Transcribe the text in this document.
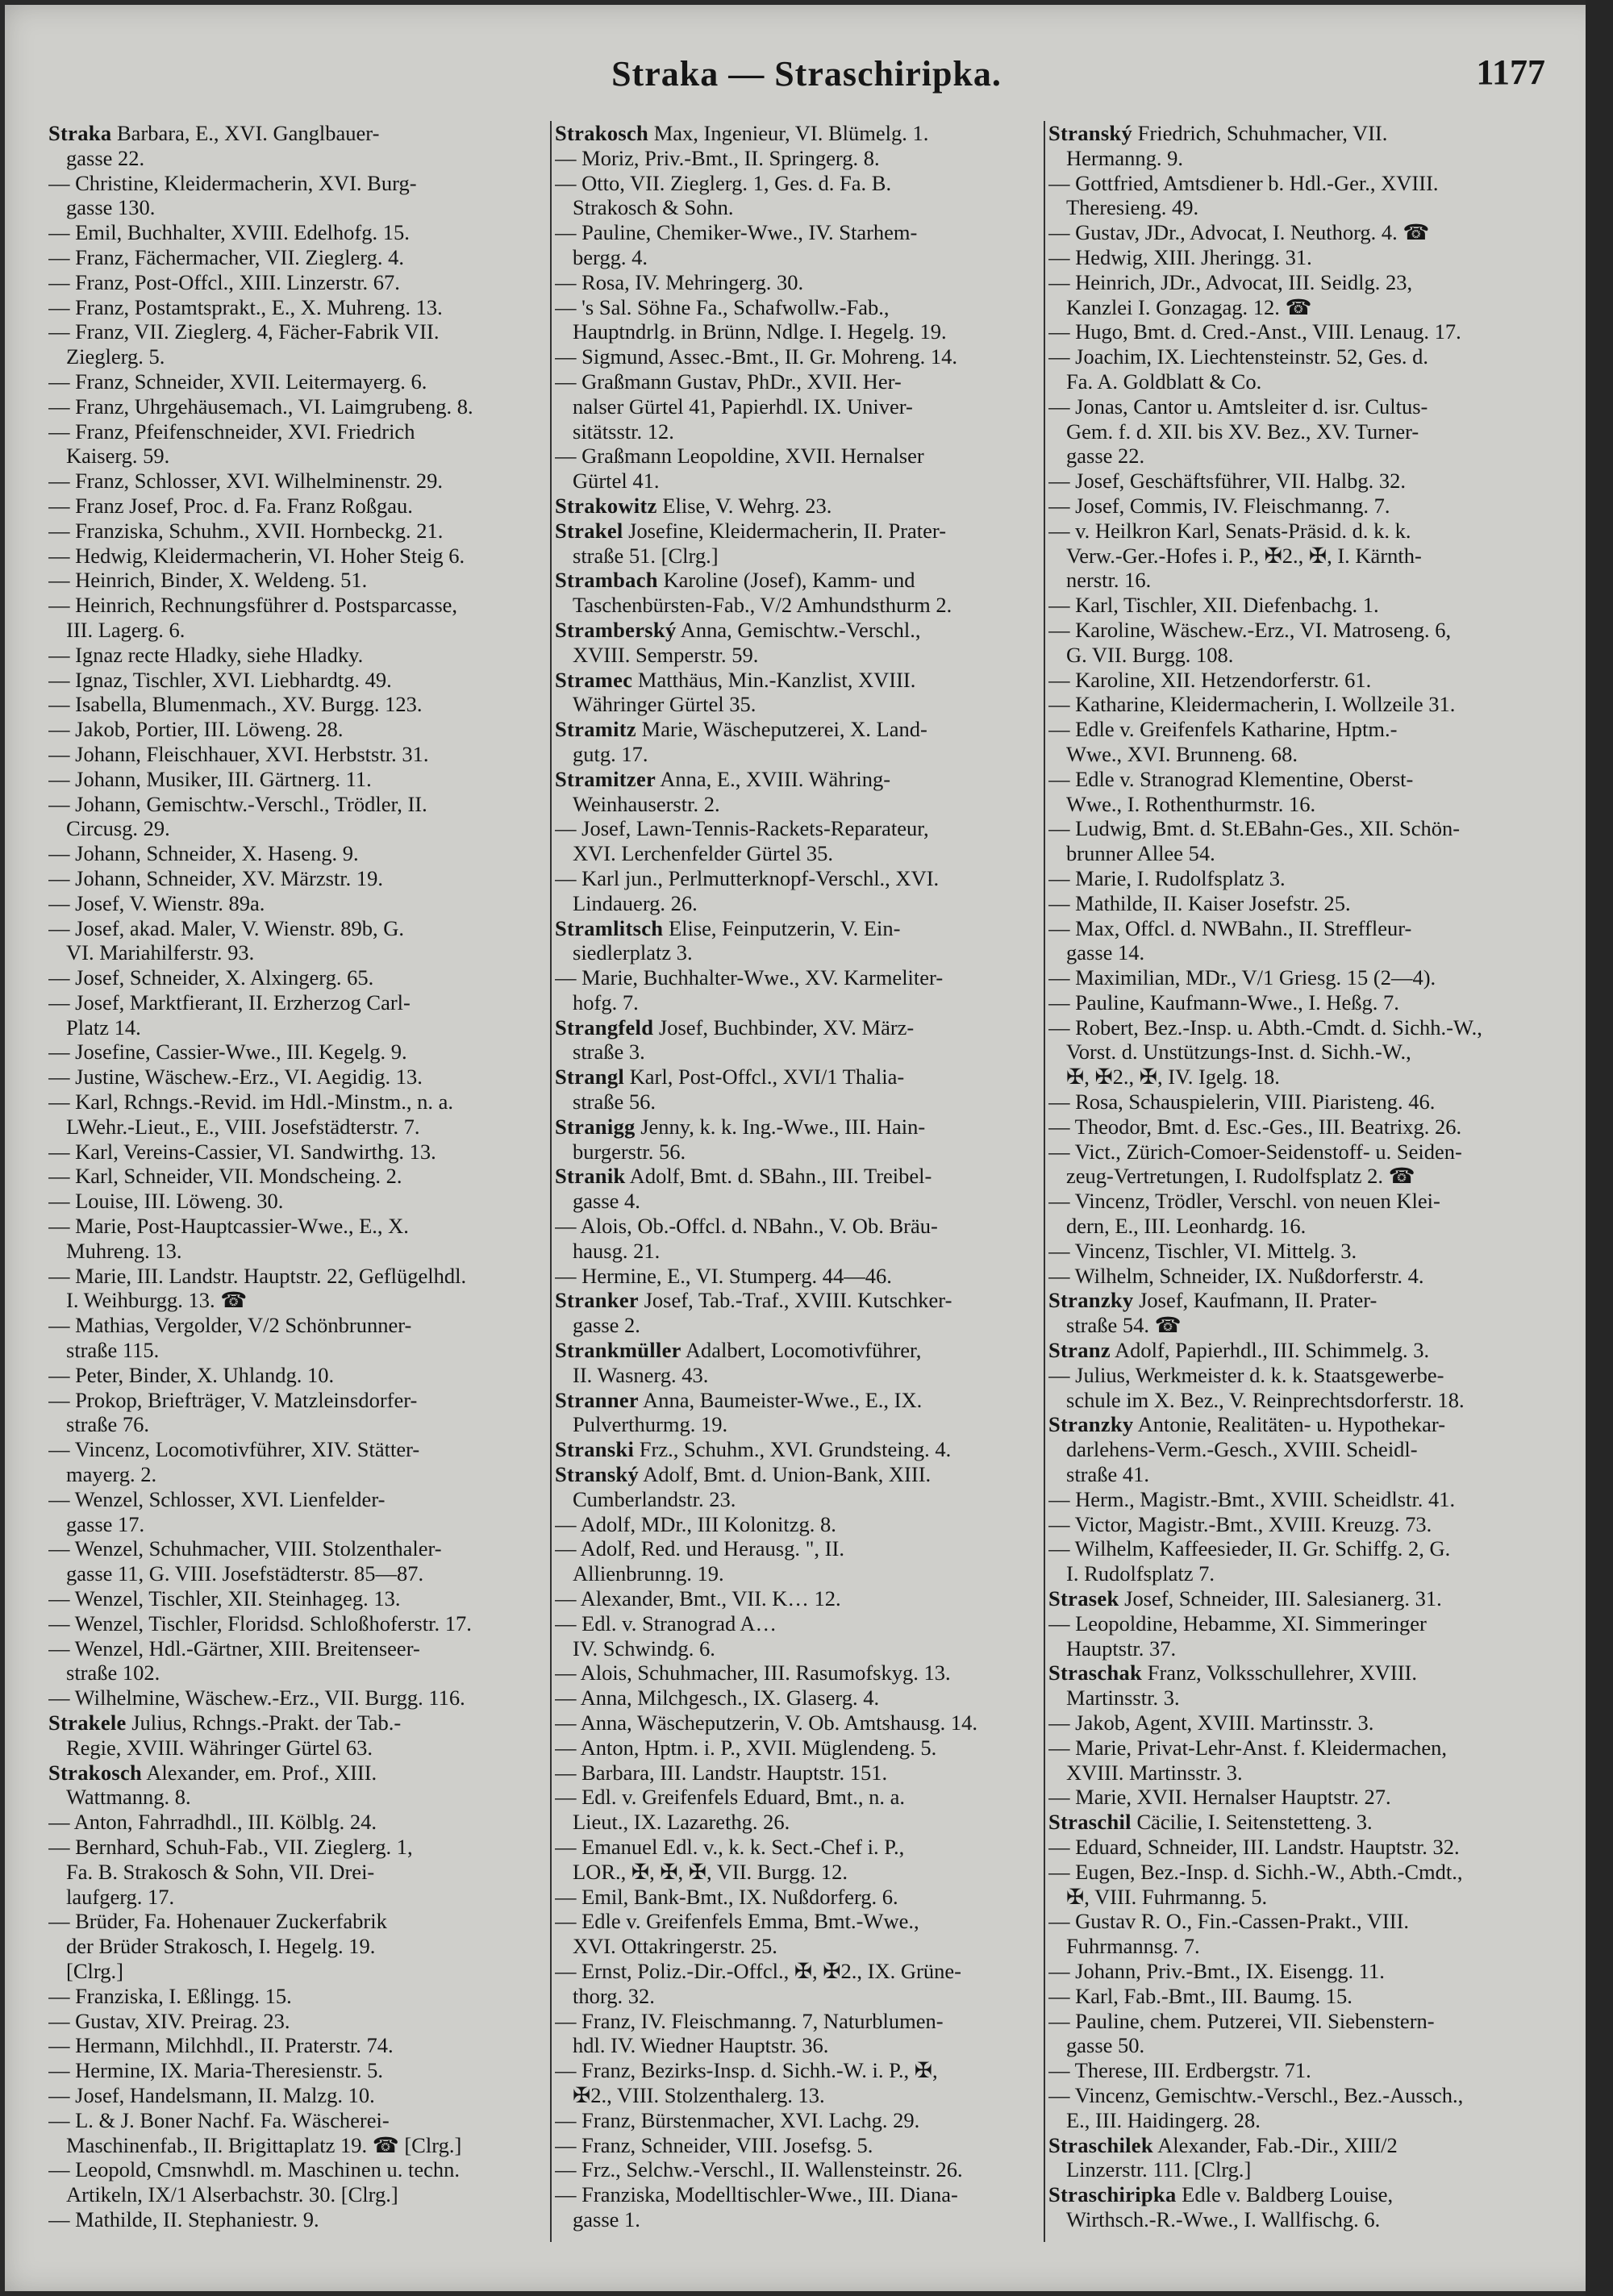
Straka — Straschiripka.	1177
Straka Barbara, E., XVI. Ganglbauer-
gasse 22.
— Christine, Kleidermacherin, XVI. Burg-
gasse 130.
— Emil, Buchhalter, XVIII. Edelhofg. 15.
— Franz, Fächermacher, VII. Zieglerg. 4.
— Franz, Post-Offcl., XIII. Linzerstr. 67.
— Franz, Postamtsprakt., E., X. Muhreng. 13.
— Franz, VII. Zieglerg. 4, Fächer-Fabrik VII.
Zieglerg. 5.
— Franz, Schneider, XVII. Leitermayerg. 6.
— Franz, Uhrgehäusemach., VI. Laimgrubeng. 8.
— Franz, Pfeifenschneider, XVI. Friedrich
Kaiserg. 59.
— Franz, Schlosser, XVI. Wilhelminenstr. 29.
— Franz Josef, Proc. d. Fa. Franz Roßgau.
— Franziska, Schuhm., XVII. Hornbeckg. 21.
— Hedwig, Kleidermacherin, VI. Hoher Steig 6.
— Heinrich, Binder, X. Weldeng. 51.
— Heinrich, Rechnungsführer d. Postsparcasse,
III. Lagerg. 6.
— Ignaz recte Hladky, siehe Hladky.
— Ignaz, Tischler, XVI. Liebhardtg. 49.
— Isabella, Blumenmach., XV. Burgg. 123.
— Jakob, Portier, III. Löweng. 28.
— Johann, Fleischhauer, XVI. Herbststr. 31.
— Johann, Musiker, III. Gärtnerg. 11.
— Johann, Gemischtw.-Verschl., Trödler, II.
Circusg. 29.
— Johann, Schneider, X. Haseng. 9.
— Johann, Schneider, XV. Märzstr. 19.
— Josef, V. Wienstr. 89a.
— Josef, akad. Maler, V. Wienstr. 89b, G.
VI. Mariahilferstr. 93.
— Josef, Schneider, X. Alxingerg. 65.
— Josef, Marktfierant, II. Erzherzog Carl-
Platz 14.
— Josefine, Cassier-Wwe., III. Kegelg. 9.
— Justine, Wäschew.-Erz., VI. Aegidig. 13.
— Karl, Rchngs.-Revid. im Hdl.-Minstm., n. a.
LWehr.-Lieut., E., VIII. Josefstädterstr. 7.
— Karl, Vereins-Cassier, VI. Sandwirthg. 13.
— Karl, Schneider, VII. Mondscheing. 2.
— Louise, III. Löweng. 30.
— Marie, Post-Hauptcassier-Wwe., E., X.
Muhreng. 13.
— Marie, III. Landstr. Hauptstr. 22, Geflügelhdl.
I. Weihburgg. 13. ☎
— Mathias, Vergolder, V/2 Schönbrunner-
straße 115.
— Peter, Binder, X. Uhlandg. 10.
— Prokop, Briefträger, V. Matzleinsdorfer-
straße 76.
— Vincenz, Locomotivführer, XIV. Stätter-
mayerg. 2.
— Wenzel, Schlosser, XVI. Lienfelder-
gasse 17.
— Wenzel, Schuhmacher, VIII. Stolzenthaler-
gasse 11, G. VIII. Josefstädterstr. 85—87.
— Wenzel, Tischler, XII. Steinhageg. 13.
— Wenzel, Tischler, Floridsd. Schloßhoferstr. 17.
— Wenzel, Hdl.-Gärtner, XIII. Breitenseer-
straße 102.
— Wilhelmine, Wäschew.-Erz., VII. Burgg. 116.
Strakele Julius, Rchngs.-Prakt. der Tab.-
Regie, XVIII. Währinger Gürtel 63.
Strakosch Alexander, em. Prof., XIII.
Wattmanng. 8.
— Anton, Fahrradhdl., III. Kölblg. 24.
— Bernhard, Schuh-Fab., VII. Zieglerg. 1,
Fa. B. Strakosch & Sohn, VII. Drei-
laufgerg. 17.
— Brüder, Fa. Hohenauer Zuckerfabrik
der Brüder Strakosch, I. Hegelg. 19.
[Clrg.]
— Franziska, I. Eßlingg. 15.
— Gustav, XIV. Preirag. 23.
— Hermann, Milchhdl., II. Praterstr. 74.
— Hermine, IX. Maria-Theresienstr. 5.
— Josef, Handelsmann, II. Malzg. 10.
— L. & J. Boner Nachf. Fa. Wäscherei-
Maschinenfab., II. Brigittaplatz 19. ☎ [Clrg.]
— Leopold, Cmsnwhdl. m. Maschinen u. techn.
Artikeln, IX/1 Alserbachstr. 30. [Clrg.]
— Mathilde, II. Stephaniestr. 9.
Strakosch Max, Ingenieur, VI. Blümelg. 1.
— Moriz, Priv.-Bmt., II. Springerg. 8.
— Otto, VII. Zieglerg. 1, Ges. d. Fa. B.
Strakosch & Sohn.
— Pauline, Chemiker-Wwe., IV. Starhem-
bergg. 4.
— Rosa, IV. Mehringerg. 30.
— 's Sal. Söhne Fa., Schafwollw.-Fab.,
Hauptndrlg. in Brünn, Ndlge. I. Hegelg. 19.
— Sigmund, Assec.-Bmt., II. Gr. Mohreng. 14.
— Graßmann Gustav, PhDr., XVII. Her-
nalser Gürtel 41, Papierhdl. IX. Univer-
sitätsstr. 12.
— Graßmann Leopoldine, XVII. Hernalser
Gürtel 41.
Strakowitz Elise, V. Wehrg. 23.
Strakel Josefine, Kleidermacherin, II. Prater-
straße 51. [Clrg.]
Strambach Karoline (Josef), Kamm- und
Taschenbürsten-Fab., V/2 Amhundsthurm 2.
Stramberský Anna, Gemischtw.-Verschl.,
XVIII. Semperstr. 59.
Stramec Matthäus, Min.-Kanzlist, XVIII.
Währinger Gürtel 35.
Stramitz Marie, Wäscheputzerei, X. Land-
gutg. 17.
Stramitzer Anna, E., XVIII. Währing-
Weinhauserstr. 2.
— Josef, Lawn-Tennis-Rackets-Reparateur,
XVI. Lerchenfelder Gürtel 35.
— Karl jun., Perlmutterknopf-Verschl., XVI.
Lindauerg. 26.
Stramlitsch Elise, Feinputzerin, V. Ein-
siedlerplatz 3.
— Marie, Buchhalter-Wwe., XV. Karmeliter-
hofg. 7.
Strangfeld Josef, Buchbinder, XV. März-
straße 3.
Strangl Karl, Post-Offcl., XVI/1 Thalia-
straße 56.
Stranigg Jenny, k. k. Ing.-Wwe., III. Hain-
burgerstr. 56.
Stranik Adolf, Bmt. d. SBahn., III. Treibel-
gasse 4.
— Alois, Ob.-Offcl. d. NBahn., V. Ob. Bräu-
hausg. 21.
— Hermine, E., VI. Stumperg. 44—46.
Stranker Josef, Tab.-Traf., XVIII. Kutschker-
gasse 2.
Strankmüller Adalbert, Locomotivführer,
II. Wasnerg. 43.
Stranner Anna, Baumeister-Wwe., E., IX.
Pulverthurmg. 19.
Stranski Frz., Schuhm., XVI. Grundsteing. 4.
Stranský Adolf, Bmt. d. Union-Bank, XIII.
Cumberlandstr. 23.
— Adolf, MDr., III Kolonitzg. 8.
— Adolf, Red. und Herausg. ", II.
Allienbrunng. 19.
— Alexander, Bmt., VII. K… 12.
— Edl. v. Stranograd A…
IV. Schwindg. 6.
— Alois, Schuhmacher, III. Rasumofskyg. 13.
— Anna, Milchgesch., IX. Glaserg. 4.
— Anna, Wäscheputzerin, V. Ob. Amtshausg. 14.
— Anton, Hptm. i. P., XVII. Müglendeng. 5.
— Barbara, III. Landstr. Hauptstr. 151.
— Edl. v. Greifenfels Eduard, Bmt., n. a.
Lieut., IX. Lazarethg. 26.
— Emanuel Edl. v., k. k. Sect.-Chef i. P.,
LOR., ✠, ✠, ✠, VII. Burgg. 12.
— Emil, Bank-Bmt., IX. Nußdorferg. 6.
— Edle v. Greifenfels Emma, Bmt.-Wwe.,
XVI. Ottakringerstr. 25.
— Ernst, Poliz.-Dir.-Offcl., ✠, ✠2., IX. Grüne-
thorg. 32.
— Franz, IV. Fleischmanng. 7, Naturblumen-
hdl. IV. Wiedner Hauptstr. 36.
— Franz, Bezirks-Insp. d. Sichh.-W. i. P., ✠,
✠2., VIII. Stolzenthalerg. 13.
— Franz, Bürstenmacher, XVI. Lachg. 29.
— Franz, Schneider, VIII. Josefsg. 5.
— Frz., Selchw.-Verschl., II. Wallensteinstr. 26.
— Franziska, Modelltischler-Wwe., III. Diana-
gasse 1.
Stranský Friedrich, Schuhmacher, VII.
Hermanng. 9.
— Gottfried, Amtsdiener b. Hdl.-Ger., XVIII.
Theresieng. 49.
— Gustav, JDr., Advocat, I. Neuthorg. 4. ☎
— Hedwig, XIII. Jheringg. 31.
— Heinrich, JDr., Advocat, III. Seidlg. 23,
Kanzlei I. Gonzagag. 12. ☎
— Hugo, Bmt. d. Cred.-Anst., VIII. Lenaug. 17.
— Joachim, IX. Liechtensteinstr. 52, Ges. d.
Fa. A. Goldblatt & Co.
— Jonas, Cantor u. Amtsleiter d. isr. Cultus-
Gem. f. d. XII. bis XV. Bez., XV. Turner-
gasse 22.
— Josef, Geschäftsführer, VII. Halbg. 32.
— Josef, Commis, IV. Fleischmanng. 7.
— v. Heilkron Karl, Senats-Präsid. d. k. k.
Verw.-Ger.-Hofes i. P., ✠2., ✠, I. Kärnth-
nerstr. 16.
— Karl, Tischler, XII. Diefenbachg. 1.
— Karoline, Wäschew.-Erz., VI. Matroseng. 6,
G. VII. Burgg. 108.
— Karoline, XII. Hetzendorferstr. 61.
— Katharine, Kleidermacherin, I. Wollzeile 31.
— Edle v. Greifenfels Katharine, Hptm.-
Wwe., XVI. Brunneng. 68.
— Edle v. Stranograd Klementine, Oberst-
Wwe., I. Rothenthurmstr. 16.
— Ludwig, Bmt. d. St.EBahn-Ges., XII. Schön-
brunner Allee 54.
— Marie, I. Rudolfsplatz 3.
— Mathilde, II. Kaiser Josefstr. 25.
— Max, Offcl. d. NWBahn., II. Streffleur-
gasse 14.
— Maximilian, MDr., V/1 Griesg. 15 (2—4).
— Pauline, Kaufmann-Wwe., I. Heßg. 7.
— Robert, Bez.-Insp. u. Abth.-Cmdt. d. Sichh.-W.,
Vorst. d. Unstützungs-Inst. d. Sichh.-W.,
✠, ✠2., ✠, IV. Igelg. 18.
— Rosa, Schauspielerin, VIII. Piaristeng. 46.
— Theodor, Bmt. d. Esc.-Ges., III. Beatrixg. 26.
— Vict., Zürich-Comoer-Seidenstoff- u. Seiden-
zeug-Vertretungen, I. Rudolfsplatz 2. ☎
— Vincenz, Trödler, Verschl. von neuen Klei-
dern, E., III. Leonhardg. 16.
— Vincenz, Tischler, VI. Mittelg. 3.
— Wilhelm, Schneider, IX. Nußdorferstr. 4.
Stranzky Josef, Kaufmann, II. Prater-
straße 54. ☎
Stranz Adolf, Papierhdl., III. Schimmelg. 3.
— Julius, Werkmeister d. k. k. Staatsgewerbe-
schule im X. Bez., V. Reinprechtsdorferstr. 18.
Stranzky Antonie, Realitäten- u. Hypothekar-
darlehens-Verm.-Gesch., XVIII. Scheidl-
straße 41.
— Herm., Magistr.-Bmt., XVIII. Scheidlstr. 41.
— Victor, Magistr.-Bmt., XVIII. Kreuzg. 73.
— Wilhelm, Kaffeesieder, II. Gr. Schiffg. 2, G.
I. Rudolfsplatz 7.
Strasek Josef, Schneider, III. Salesianerg. 31.
— Leopoldine, Hebamme, XI. Simmeringer
Hauptstr. 37.
Straschak Franz, Volksschullehrer, XVIII.
Martinsstr. 3.
— Jakob, Agent, XVIII. Martinsstr. 3.
— Marie, Privat-Lehr-Anst. f. Kleidermachen,
XVIII. Martinsstr. 3.
— Marie, XVII. Hernalser Hauptstr. 27.
Straschil Cäcilie, I. Seitenstetteng. 3.
— Eduard, Schneider, III. Landstr. Hauptstr. 32.
— Eugen, Bez.-Insp. d. Sichh.-W., Abth.-Cmdt.,
✠, VIII. Fuhrmanng. 5.
— Gustav R. O., Fin.-Cassen-Prakt., VIII.
Fuhrmannsg. 7.
— Johann, Priv.-Bmt., IX. Eisengg. 11.
— Karl, Fab.-Bmt., III. Baumg. 15.
— Pauline, chem. Putzerei, VII. Siebenstern-
gasse 50.
— Therese, III. Erdbergstr. 71.
— Vincenz, Gemischtw.-Verschl., Bez.-Aussch.,
E., III. Haidingerg. 28.
Straschilek Alexander, Fab.-Dir., XIII/2
Linzerstr. 111. [Clrg.]
Straschiripka Edle v. Baldberg Louise,
Wirthsch.-R.-Wwe., I. Wallfischg. 6.
